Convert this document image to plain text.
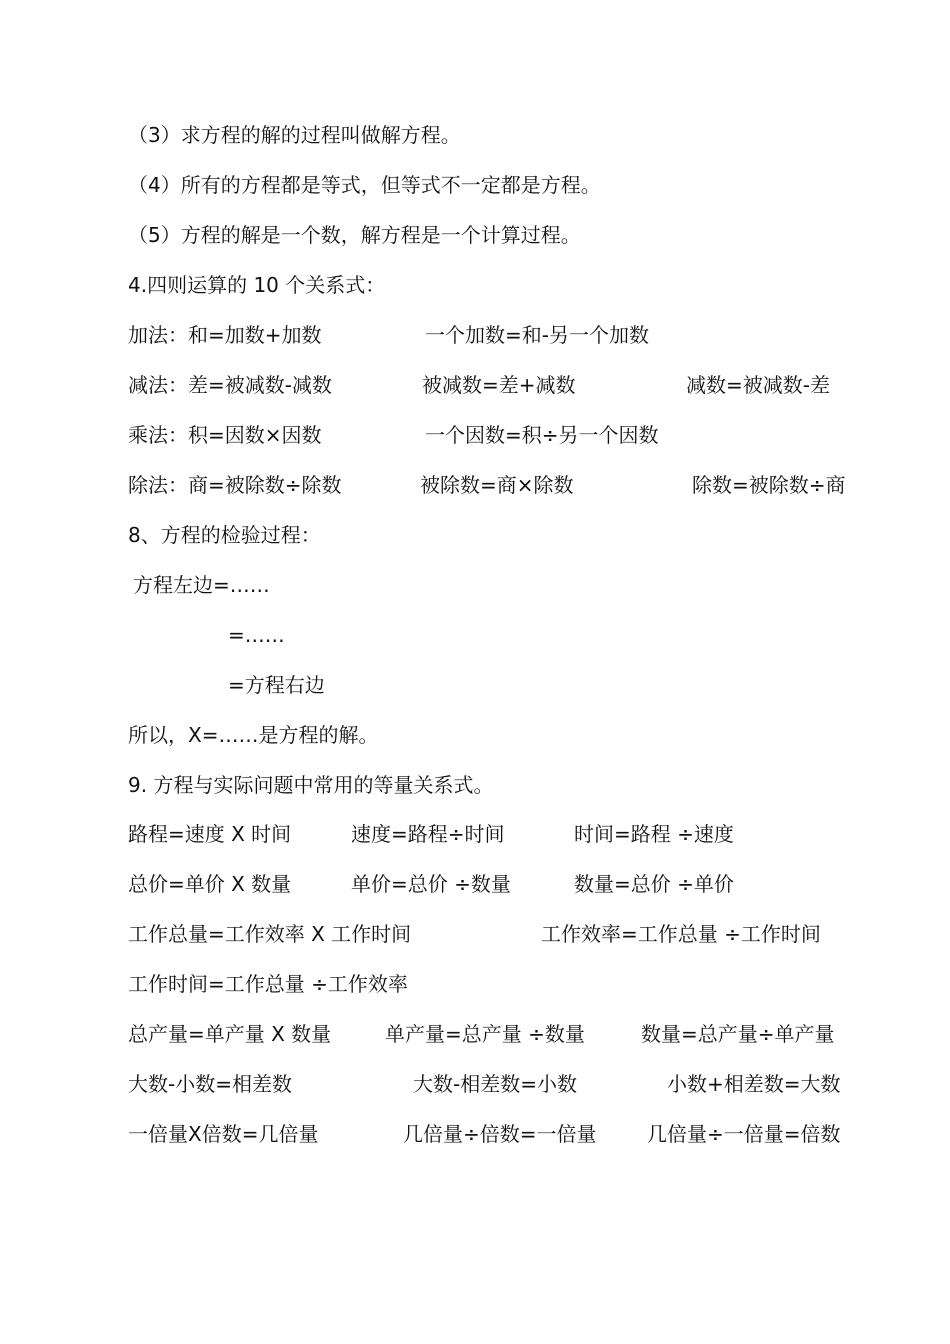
（3）求方程的解的过程叫做解方程。
（4）所有的方程都是等式，但等式不一定都是方程。
（5）方程的解是一个数，解方程是一个计算过程。
4.四则运算的 10 个关系式：
加法：和=加数+加数	一个加数=和-另一个加数
减法：差=被减数-减数	被减数=差+减数	减数=被减数-差
乘法：积=因数×因数	一个因数=积÷另一个因数
除法：商=被除数÷除数	被除数=商×除数	除数=被除数÷商
8、方程的检验过程：
方程左边=……
=……
=方程右边
所以，X=……是方程的解。
9. 方程与实际问题中常用的等量关系式。
路程=速度 X 时间	速度=路程÷时间	时间=路程 ÷速度
总价=单价 X 数量	单价=总价 ÷数量	数量=总价 ÷单价
工作总量=工作效率 X 工作时间	工作效率=工作总量 ÷工作时间
工作时间=工作总量 ÷工作效率
总产量=单产量 X 数量	单产量=总产量 ÷数量	数量=总产量÷单产量
大数-小数=相差数	大数-相差数=小数	小数+相差数=大数
一倍量X倍数=几倍量	几倍量÷倍数=一倍量	几倍量÷一倍量=倍数
